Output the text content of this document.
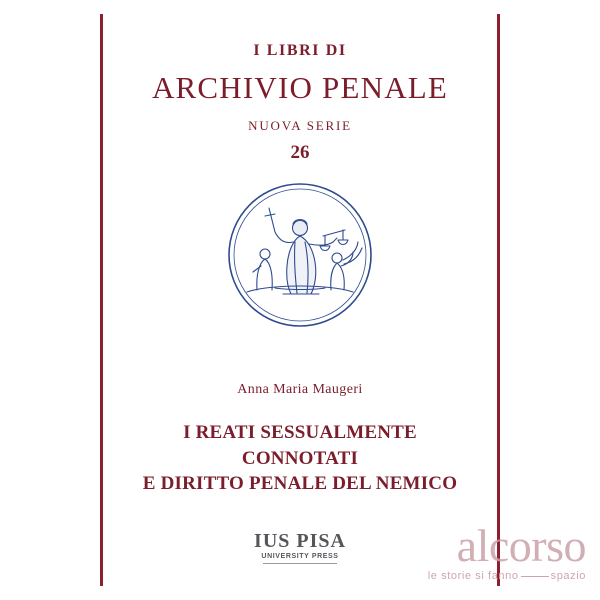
I LIBRI DI
ARCHIVIO PENALE
NUOVA SERIE
26
Anna Maria Maugeri
I REATI SESSUALMENTE CONNOTATI
E DIRITTO PENALE DEL NEMICO
IUS PISA
UNIVERSITY PRESS	alcorso
le storie si fanno	spazio
